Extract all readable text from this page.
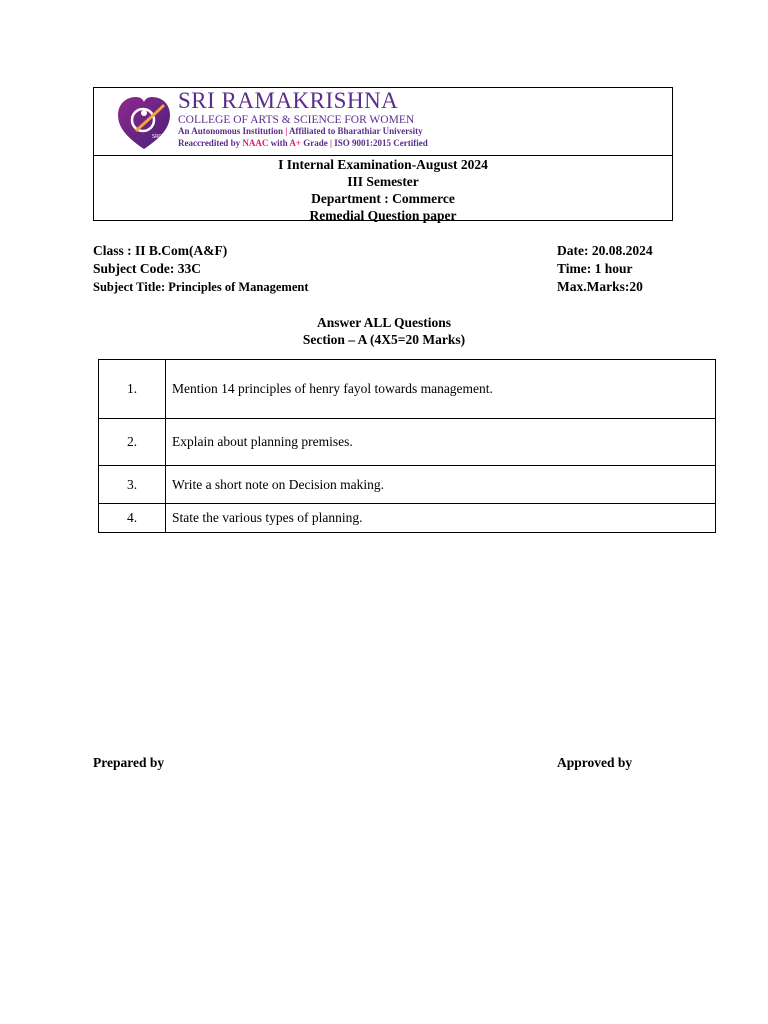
SRCW
SRI RAMAKRISHNA
COLLEGE OF ARTS & SCIENCE FOR WOMEN
An Autonomous Institution | Affiliated to Bharathiar University
Reaccredited by NAAC with A+ Grade | ISO 9001:2015 Certified
I Internal Examination-August 2024
III Semester
Department : Commerce
Remedial Question paper
Class : II B.Com(A&F)
Subject Code: 33C
Subject Title: Principles of Management
Date: 20.08.2024
Time: 1 hour
Max.Marks:20
Answer ALL Questions
Section – A (4X5=20 Marks)
1.	Mention 14 principles of henry fayol towards management.
2.	Explain about planning premises.
3.	Write a short note on Decision making.
4.	State the various types of planning.
Prepared by	Approved by
